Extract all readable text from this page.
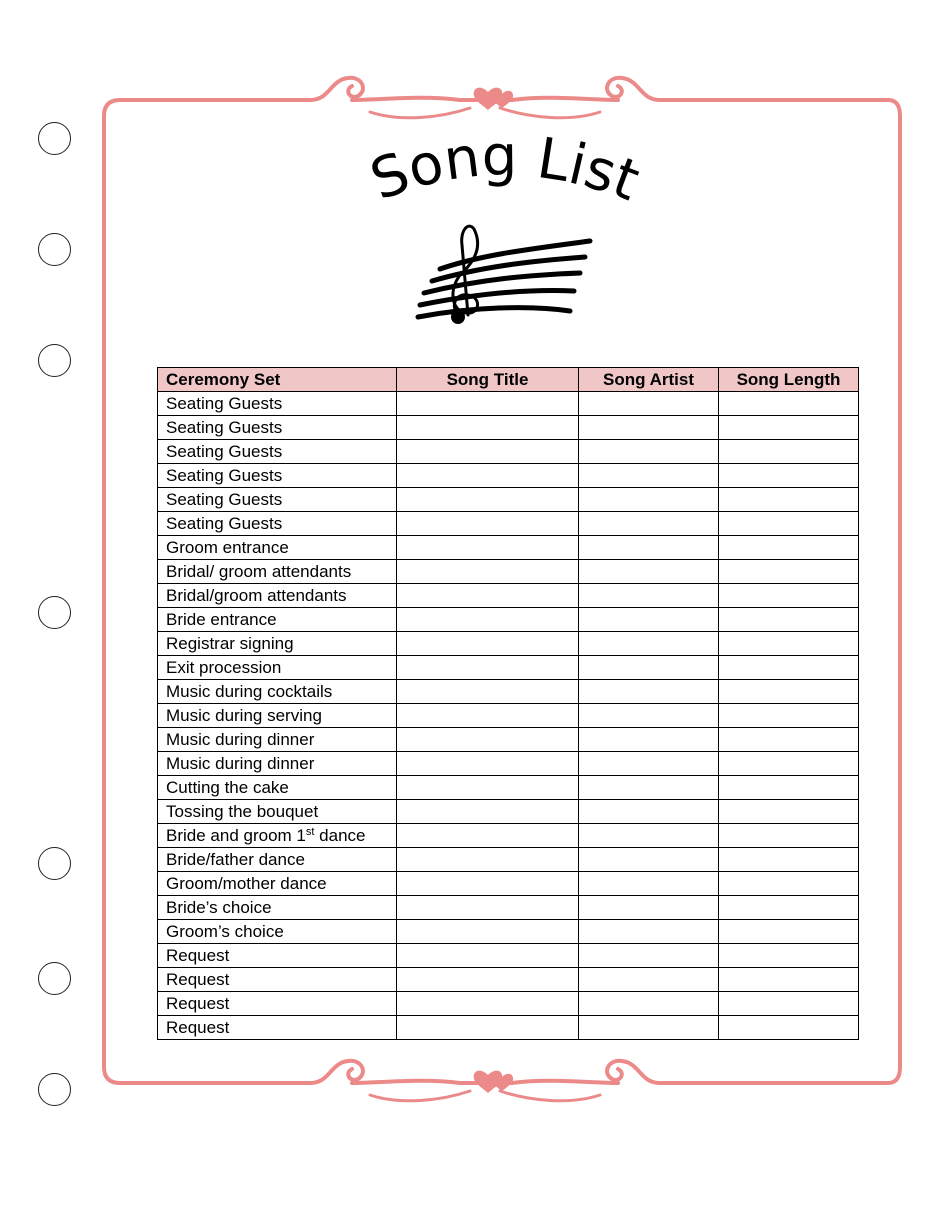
Song List
Ceremony Set	Song Title	Song Artist	Song Length
Seating Guests			
Seating Guests			
Seating Guests			
Seating Guests			
Seating Guests			
Seating Guests			
Groom entrance			
Bridal/ groom attendants			
Bridal/groom attendants			
Bride entrance			
Registrar signing			
Exit procession			
Music during cocktails			
Music during serving			
Music during dinner			
Music during dinner			
Cutting the cake			
Tossing the bouquet			
Bride and groom 1st dance			
Bride/father dance			
Groom/mother dance			
Bride’s choice			
Groom’s choice			
Request			
Request			
Request			
Request			
